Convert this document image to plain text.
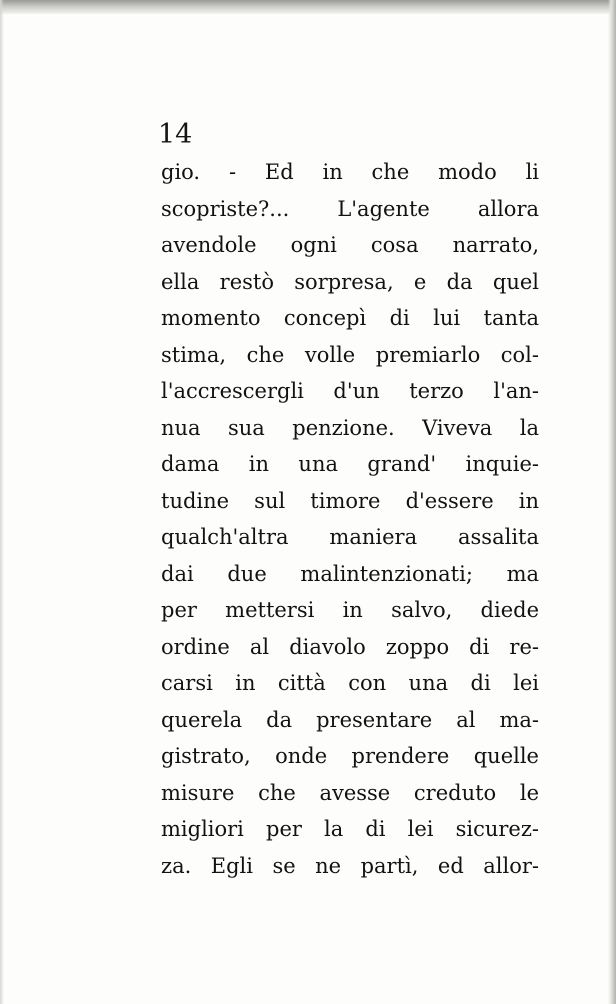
14
gio. - Ed in che modo li
scopriste?... L'agente allora
avendole ogni cosa narrato,
ella restò sorpresa, e da quel
momento concepì di lui tanta
stima, che volle premiarlo col-
l'accrescergli d'un terzo l'an-
nua sua penzione. Viveva la
dama in una grand' inquie-
tudine sul timore d'essere in
qualch'altra maniera assalita
dai due malintenzionati; ma
per mettersi in salvo, diede
ordine al diavolo zoppo di re-
carsi in città con una di lei
querela da presentare al ma-
gistrato, onde prendere quelle
misure che avesse creduto le
migliori per la di lei sicurez-
za. Egli se ne partì, ed allor-
